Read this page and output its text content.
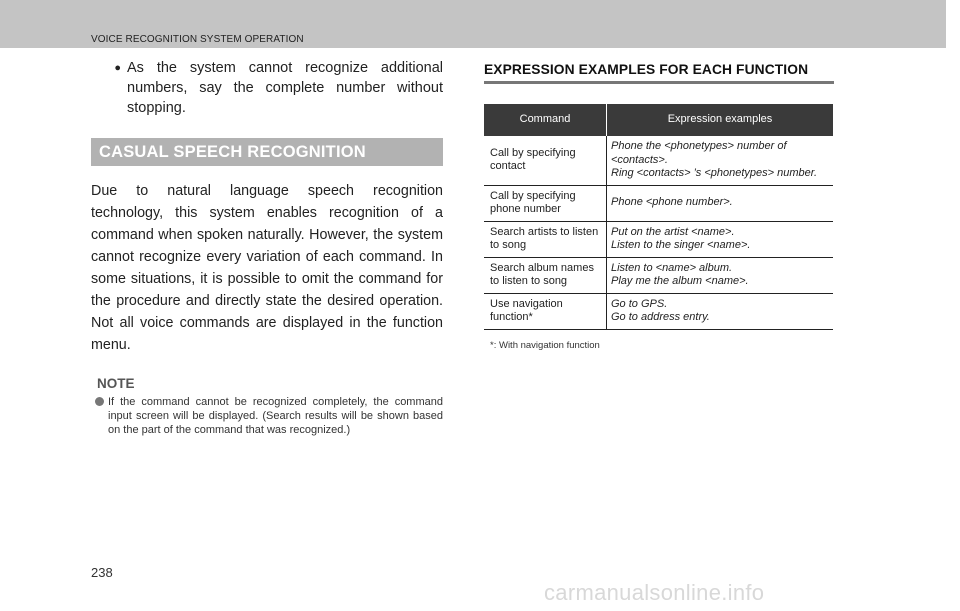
VOICE RECOGNITION SYSTEM OPERATION
● As the system cannot recognize additional numbers, say the complete number without stopping.
CASUAL SPEECH RECOGNITION
Due to natural language speech recognition technology, this system enables recognition of a command when spoken naturally. However, the system cannot recognize every variation of each command. In some situations, it is possible to omit the command for the procedure and directly state the desired operation. Not all voice commands are displayed in the function menu.
NOTE
If the command cannot be recognized completely, the command input screen will be displayed. (Search results will be shown based on the part of the command that was recognized.)
EXPRESSION EXAMPLES FOR EACH FUNCTION
Command	Expression examples
Call by specifying contact	Phone the <phonetypes> number of <contacts>.
Ring <contacts> ’s <phonetypes> number.
Call by specifying phone number	Phone <phone number>.
Search artists to listen to song	Put on the artist <name>.
Listen to the singer <name>.
Search album names to listen to song	Listen to <name> album.
Play me the album <name>.
Use navigation function*	Go to GPS.
Go to address entry.
*: With navigation function
238
carmanualsonline.info
